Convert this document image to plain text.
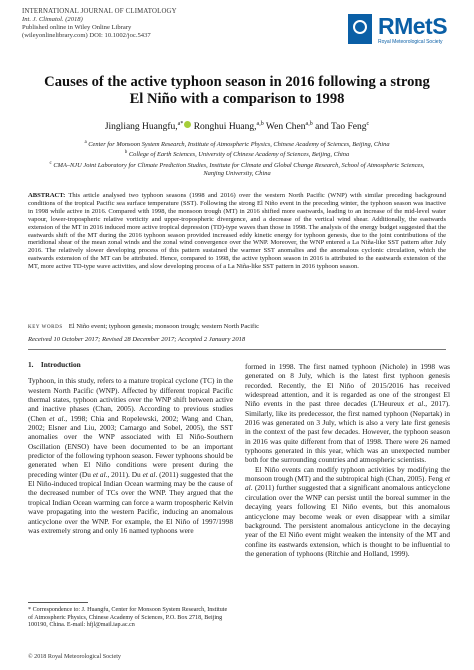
INTERNATIONAL JOURNAL OF CLIMATOLOGY
Int. J. Climatol. (2018)
Published online in Wiley Online Library
(wileyonlinelibrary.com) DOI: 10.1002/joc.5437	RMetS
Royal Meteorological Society
Causes of the active typhoon season in 2016 following a strong El Niño with a comparison to 1998
Jingliang Huangfu,$^{a*}$ Ronghui Huang,$^{a,b}$ Wen Chen$^{a,b}$ and Tao Feng$^c$
$^a$ Center for Monsoon System Research, Institute of Atmospheric Physics, Chinese Academy of Sciences, Beijing, China
$^b$ College of Earth Sciences, University of Chinese Academy of Sciences, Beijing, China
$^c$ CMA–NJU Joint Laboratory for Climate Prediction Studies, Institute for Climate and Global Change Research, School of Atmospheric Sciences, Nanjing University, China
ABSTRACT: This article analysed two typhoon seasons (1998 and 2016) over the western North Pacific (WNP) with similar preceding background conditions of the tropical Pacific sea surface temperature (SST). Following the strong El Niño event in the preceding winter, the typhoon season was inactive in 1998 while active in 2016. Compared with 1998, the monsoon trough (MT) in 2016 shifted more eastwards, leading to an increase of the mid-level water vapour, lower-tropospheric relative vorticity and upper-tropospheric divergence, and a decrease of the vertical wind shear. Additionally, the eastwards extension of the MT in 2016 induced more active tropical depression (TD)-type waves than those in 1998. The analysis of the energy budget suggested that the eastwards shift of the MT during the 2016 typhoon season provided increased eddy kinetic energy for typhoon genesis, due to the joint contributions of the meridional shear of the mean zonal winds and the zonal wind convergence over the WNP. Moreover, the WNP entered a La Niña-like SST pattern after July 2016. The relatively slower developing process of this pattern sustained the warmer SST anomalies and the anomalous cyclonic circulation, which the eastwards extension of the MT can be attributed. Hence, compared to 1998, the active typhoon season in 2016 is attributed to the eastwards extension of the MT, more active TD-type wave activities, and slow developing process of a La Niña-like SST pattern in 2016 typhoon season.
KEY WORDS El Niño event; typhoon genesis; monsoon trough; western North Pacific
Received 10 October 2017; Revised 28 December 2017; Accepted 2 January 2018

1. Introduction

Typhoon, in this study, refers to a mature tropical cyclone (TC) in the western North Pacific (WNP). Affected by different tropical Pacific thermal states, typhoon activities over the WNP shift between active and inactive phases (Chan, 2005). According to previous studies (Chen et al., 1998; Chia and Ropelewski, 2002; Wang and Chan, 2002; Elsner and Liu, 2003; Camargo and Sobel, 2005), the SST anomalies over the WNP associated with El Niño-Southern Oscillation (ENSO) have been documented to be an important predictor of the following typhoon season. Fewer typhoons should be generated when El Niño conditions were present during the preceding winter (Du et al., 2011). Du et al. (2011) suggested that the El Niño-induced tropical Indian Ocean warming may be the cause of the decreased number of TCs over the WNP. They argued that the tropical Indian Ocean warming can force a warm tropospheric Kelvin wave propagating into the western Pacific, inducing an anomalous anticyclone over the WNP. For example, the El Niño of 1997/1998 was extremely strong and only 16 named typhoons were

formed in 1998. The first named typhoon (Nichole) in 1998 was generated on 8 July, which is the latest first typhoon genesis recorded. Recently, the El Niño of 2015/2016 has received widespread attention, and it is regarded as one of the strongest El Niño events in the past three decades (L'Heureux et al., 2017). Similarly, like its predecessor, the first named typhoon (Nepartak) in 2016 was generated on 3 July, which is also a very late first genesis in the context of the past few decades. However, the typhoon season in 2016 was quite different from that of 1998. There were 26 named typhoons generated in this year, which was an unexpected number both for the surrounding countries and atmospheric scientists.

El Niño events can modify typhoon activities by modifying the monsoon trough (MT) and the subtropical high (Chan, 2005). Feng et al. (2011) further suggested that a significant anomalous anticyclone circulation over the WNP can persist until the boreal summer in the decaying years following El Niño events, but this anomalous anticyclone may become weak or even disappear with a similar background. The persistent anomalous anticyclone in the decaying year of the El Niño event might weaken the intensity of the MT and confine its eastwards extension, which is thought to be influential to the generation of typhoons (Ritchie and Holland, 1999).

* Correspondence to: J. Huangfu, Center for Monsoon System Research, Institute of Atmospheric Physics, Chinese Academy of Sciences, P.O. Box 2718, Beijing 100190, China. E-mail: hfjl@mail.iap.ac.cn
© 2018 Royal Meteorological Society
